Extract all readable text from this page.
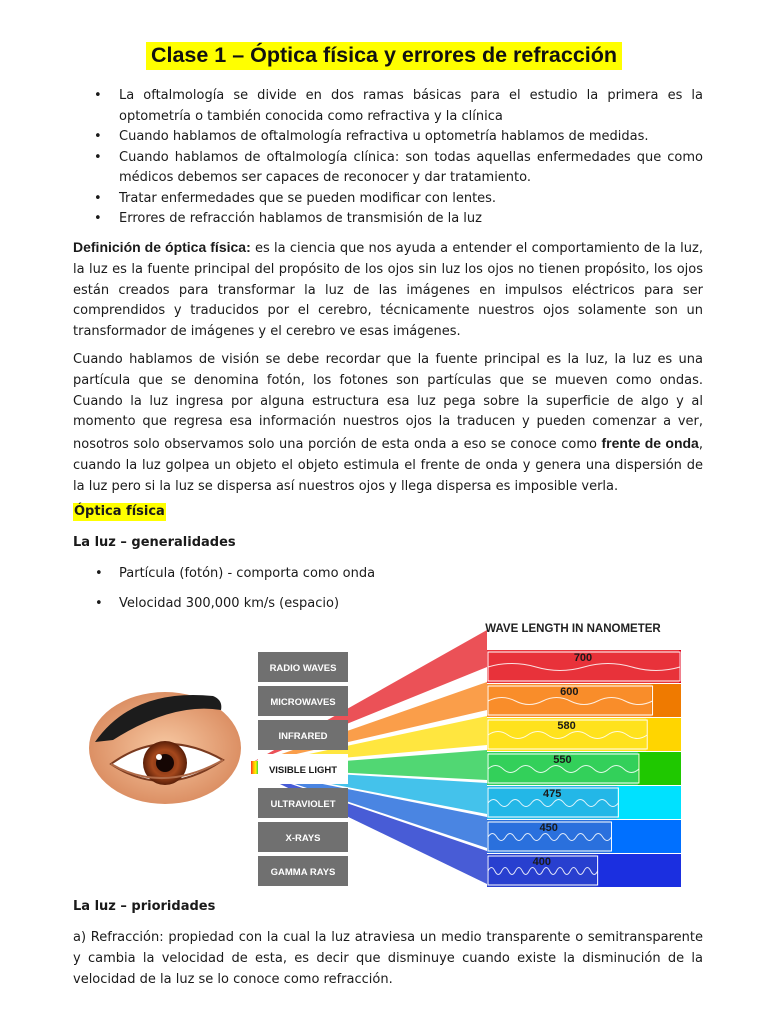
Clase 1 – Óptica física y errores de refracción
• La oftalmología se divide en dos ramas básicas para el estudio la primera es la optometría o también conocida como refractiva y la clínica
• Cuando hablamos de oftalmología refractiva u optometría hablamos de medidas.
• Cuando hablamos de oftalmología clínica: son todas aquellas enfermedades que como médicos debemos ser capaces de reconocer y dar tratamiento.
• Tratar enfermedades que se pueden modificar con lentes.
• Errores de refracción hablamos de transmisión de la luz

Definición de óptica física: es la ciencia que nos ayuda a entender el comportamiento de la luz, la luz es la fuente principal del propósito de los ojos sin luz los ojos no tienen propósito, los ojos están creados para transformar la luz de las imágenes en impulsos eléctricos para ser comprendidos y traducidos por el cerebro, técnicamente nuestros ojos solamente son un transformador de imágenes y el cerebro ve esas imágenes.

Cuando hablamos de visión se debe recordar que la fuente principal es la luz, la luz es una partícula que se denomina fotón, los fotones son partículas que se mueven como ondas. Cuando la luz ingresa por alguna estructura esa luz pega sobre la superficie de algo y al momento que regresa esa información nuestros ojos la traducen y pueden comenzar a ver, nosotros solo observamos solo una porción de esta onda a eso se conoce como frente de onda, cuando la luz golpea un objeto el objeto estimula el frente de onda y genera una dispersión de la luz pero si la luz se dispersa así nuestros ojos y llega dispersa es imposible verla.

Óptica física
La luz – generalidades
• Partícula (fotón) - comporta como onda
• Velocidad 300,000 km/s (espacio)
RADIO WAVES
MICROWAVES
INFRARED
VISIBLE LIGHT
ULTRAVIOLET
X-RAYS
GAMMA RAYS
WAVE LENGTH IN NANOMETER
700
600
580
550
475
450
400
La luz – prioridades

a) Refracción: propiedad con la cual la luz atraviesa un medio transparente o semitransparente y cambia la velocidad de esta, es decir que disminuye cuando existe la disminución de la velocidad de la luz se lo conoce como refracción.
